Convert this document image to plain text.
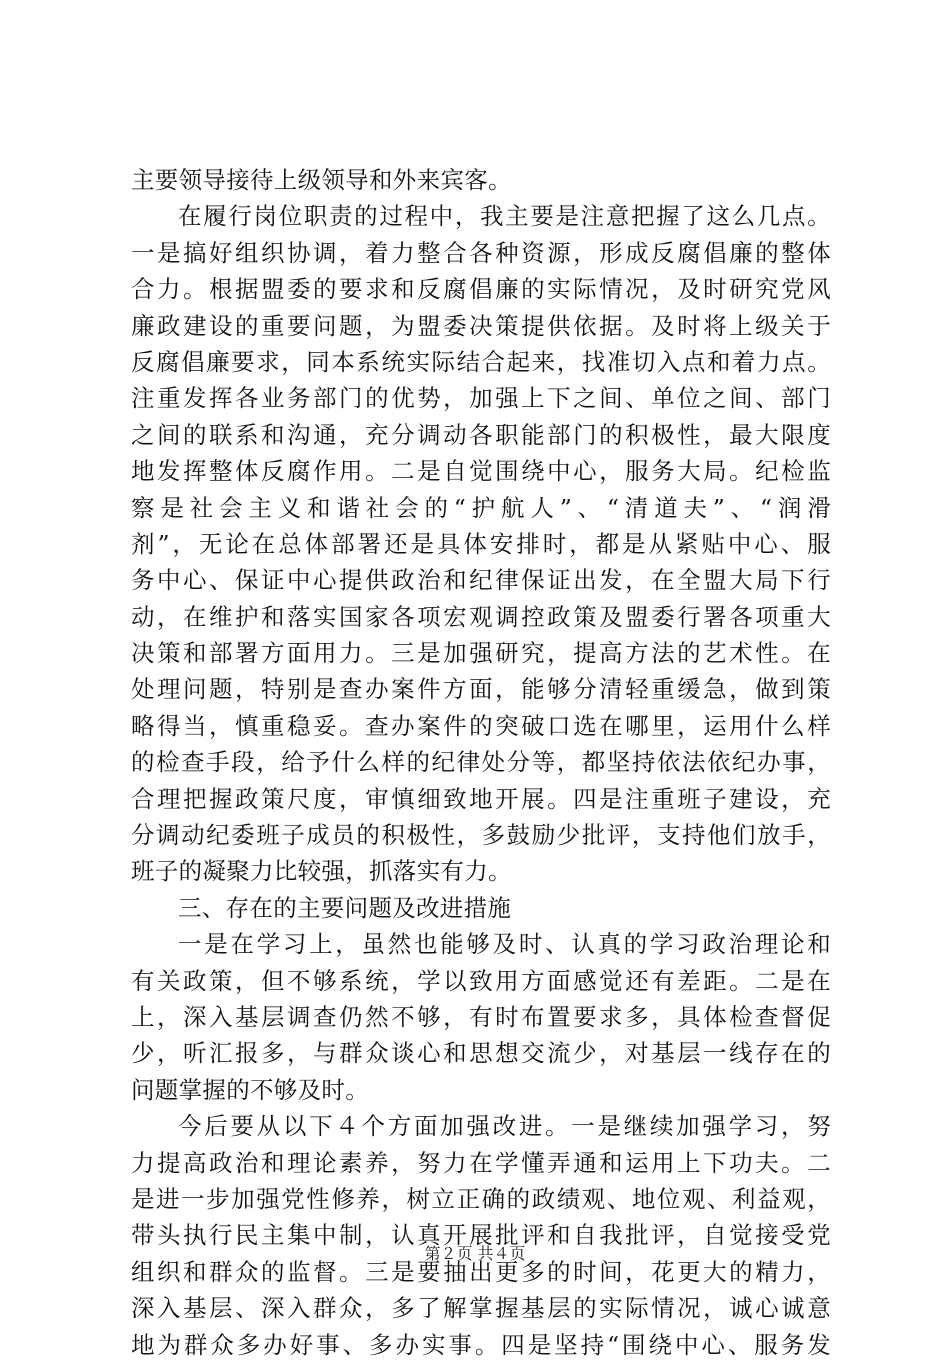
主要领导接待上级领导和外来宾客。
在履行岗位职责的过程中，我主要是注意把握了这么几点。
一是搞好组织协调，着力整合各种资源，形成反腐倡廉的整体
合力。根据盟委的要求和反腐倡廉的实际情况，及时研究党风
廉政建设的重要问题，为盟委决策提供依据。及时将上级关于
反腐倡廉要求，同本系统实际结合起来，找准切入点和着力点。
注重发挥各业务部门的优势，加强上下之间、单位之间、部门
之间的联系和沟通，充分调动各职能部门的积极性，最大限度
地发挥整体反腐作用。二是自觉围绕中心，服务大局。纪检监
察是社会主义和谐社会的“护航人”、“清道夫”、“润滑
剂”，无论在总体部署还是具体安排时，都是从紧贴中心、服
务中心、保证中心提供政治和纪律保证出发，在全盟大局下行
动，在维护和落实国家各项宏观调控政策及盟委行署各项重大
决策和部署方面用力。三是加强研究，提高方法的艺术性。在
处理问题，特别是查办案件方面，能够分清轻重缓急，做到策
略得当，慎重稳妥。查办案件的突破口选在哪里，运用什么样
的检查手段，给予什么样的纪律处分等，都坚持依法依纪办事，
合理把握政策尺度，审慎细致地开展。四是注重班子建设，充
分调动纪委班子成员的积极性，多鼓励少批评，支持他们放手，
班子的凝聚力比较强，抓落实有力。
三、存在的主要问题及改进措施
一是在学习上，虽然也能够及时、认真的学习政治理论和
有关政策，但不够系统，学以致用方面感觉还有差距。二是在
上，深入基层调查仍然不够，有时布置要求多，具体检查督促
少，听汇报多，与群众谈心和思想交流少，对基层一线存在的
问题掌握的不够及时。
今后要从以下４个方面加强改进。一是继续加强学习，努
力提高政治和理论素养，努力在学懂弄通和运用上下功夫。二
是进一步加强党性修养，树立正确的政绩观、地位观、利益观，
带头执行民主集中制，认真开展批评和自我批评，自觉接受党
组织和群众的监督。三是要抽出更多的时间，花更大的精力，
深入基层、深入群众，多了解掌握基层的实际情况，诚心诚意
地为群众多办好事、多办实事。四是坚持“围绕中心、服务发
第２页 共４页
